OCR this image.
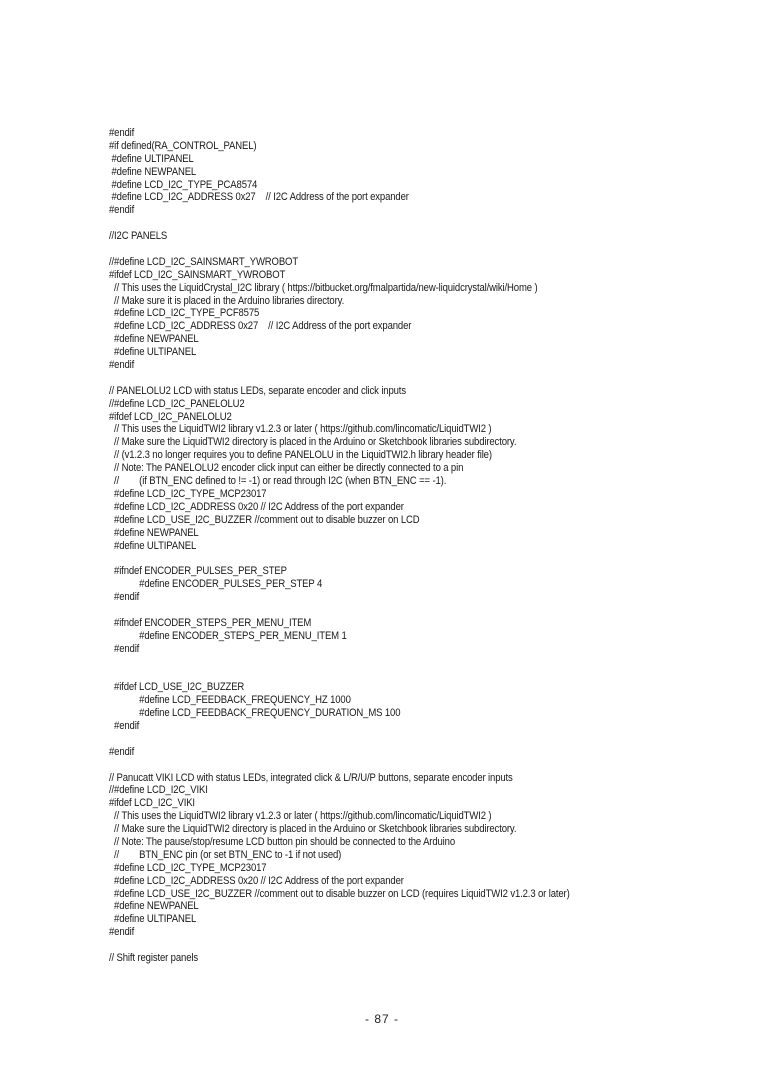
#endif
#if defined(RA_CONTROL_PANEL)
#define ULTIPANEL
#define NEWPANEL
#define LCD_I2C_TYPE_PCA8574
#define LCD_I2C_ADDRESS 0x27    // I2C Address of the port expander
#endif
//I2C PANELS
//#define LCD_I2C_SAINSMART_YWROBOT
#ifdef LCD_I2C_SAINSMART_YWROBOT
// This uses the LiquidCrystal_I2C library ( https://bitbucket.org/fmalpartida/new-liquidcrystal/wiki/Home )
// Make sure it is placed in the Arduino libraries directory.
#define LCD_I2C_TYPE_PCF8575
#define LCD_I2C_ADDRESS 0x27    // I2C Address of the port expander
#define NEWPANEL
#define ULTIPANEL
#endif
// PANELOLU2 LCD with status LEDs, separate encoder and click inputs
//#define LCD_I2C_PANELOLU2
#ifdef LCD_I2C_PANELOLU2
// This uses the LiquidTWI2 library v1.2.3 or later ( https://github.com/lincomatic/LiquidTWI2 )
// Make sure the LiquidTWI2 directory is placed in the Arduino or Sketchbook libraries subdirectory.
// (v1.2.3 no longer requires you to define PANELOLU in the LiquidTWI2.h library header file)
// Note: The PANELOLU2 encoder click input can either be directly connected to a pin
//        (if BTN_ENC defined to != -1) or read through I2C (when BTN_ENC == -1).
#define LCD_I2C_TYPE_MCP23017
#define LCD_I2C_ADDRESS 0x20 // I2C Address of the port expander
#define LCD_USE_I2C_BUZZER //comment out to disable buzzer on LCD
#define NEWPANEL
#define ULTIPANEL
#ifndef ENCODER_PULSES_PER_STEP
#define ENCODER_PULSES_PER_STEP 4
#endif
#ifndef ENCODER_STEPS_PER_MENU_ITEM
#define ENCODER_STEPS_PER_MENU_ITEM 1
#endif
#ifdef LCD_USE_I2C_BUZZER
#define LCD_FEEDBACK_FREQUENCY_HZ 1000
#define LCD_FEEDBACK_FREQUENCY_DURATION_MS 100
#endif
#endif
// Panucatt VIKI LCD with status LEDs, integrated click & L/R/U/P buttons, separate encoder inputs
//#define LCD_I2C_VIKI
#ifdef LCD_I2C_VIKI
// This uses the LiquidTWI2 library v1.2.3 or later ( https://github.com/lincomatic/LiquidTWI2 )
// Make sure the LiquidTWI2 directory is placed in the Arduino or Sketchbook libraries subdirectory.
// Note: The pause/stop/resume LCD button pin should be connected to the Arduino
//        BTN_ENC pin (or set BTN_ENC to -1 if not used)
#define LCD_I2C_TYPE_MCP23017
#define LCD_I2C_ADDRESS 0x20 // I2C Address of the port expander
#define LCD_USE_I2C_BUZZER //comment out to disable buzzer on LCD (requires LiquidTWI2 v1.2.3 or later)
#define NEWPANEL
#define ULTIPANEL
#endif
// Shift register panels
- 87 -
